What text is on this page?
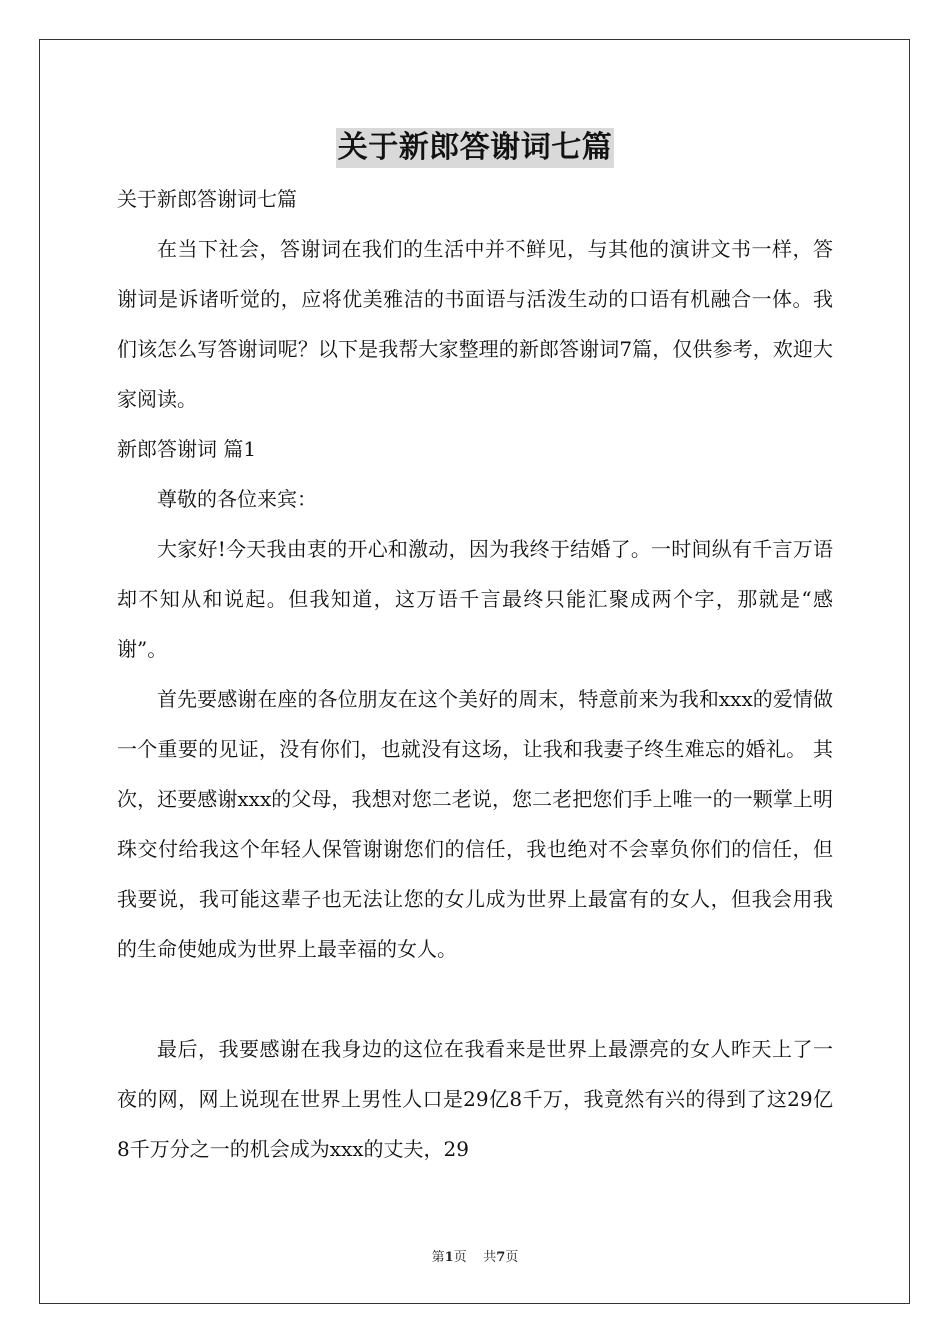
关于新郎答谢词七篇
关于新郎答谢词七篇
在当下社会，答谢词在我们的生活中并不鲜见，与其他的演讲文书一样，答谢词是诉诸听觉的，应将优美雅洁的书面语与活泼生动的口语有机融合一体。我们该怎么写答谢词呢？以下是我帮大家整理的新郎答谢词7篇，仅供参考，欢迎大家阅读。
新郎答谢词 篇1
尊敬的各位来宾：
大家好!今天我由衷的开心和激动，因为我终于结婚了。一时间纵有千言万语却不知从和说起。但我知道，这万语千言最终只能汇聚成两个字，那就是“感谢”。
首先要感谢在座的各位朋友在这个美好的周末，特意前来为我和xxx的爱情做一个重要的见证，没有你们，也就没有这场，让我和我妻子终生难忘的婚礼。 其次，还要感谢xxx的父母，我想对您二老说，您二老把您们手上唯一的一颗掌上明珠交付给我这个年轻人保管谢谢您们的信任，我也绝对不会辜负你们的信任，但我要说，我可能这辈子也无法让您的女儿成为世界上最富有的女人，但我会用我的生命使她成为世界上最幸福的女人。
最后，我要感谢在我身边的这位在我看来是世界上最漂亮的女人昨天上了一夜的网，网上说现在世界上男性人口是29亿8千万，我竟然有兴的得到了这29亿8千万分之一的机会成为xxx的丈夫，29
第1页 共7页
